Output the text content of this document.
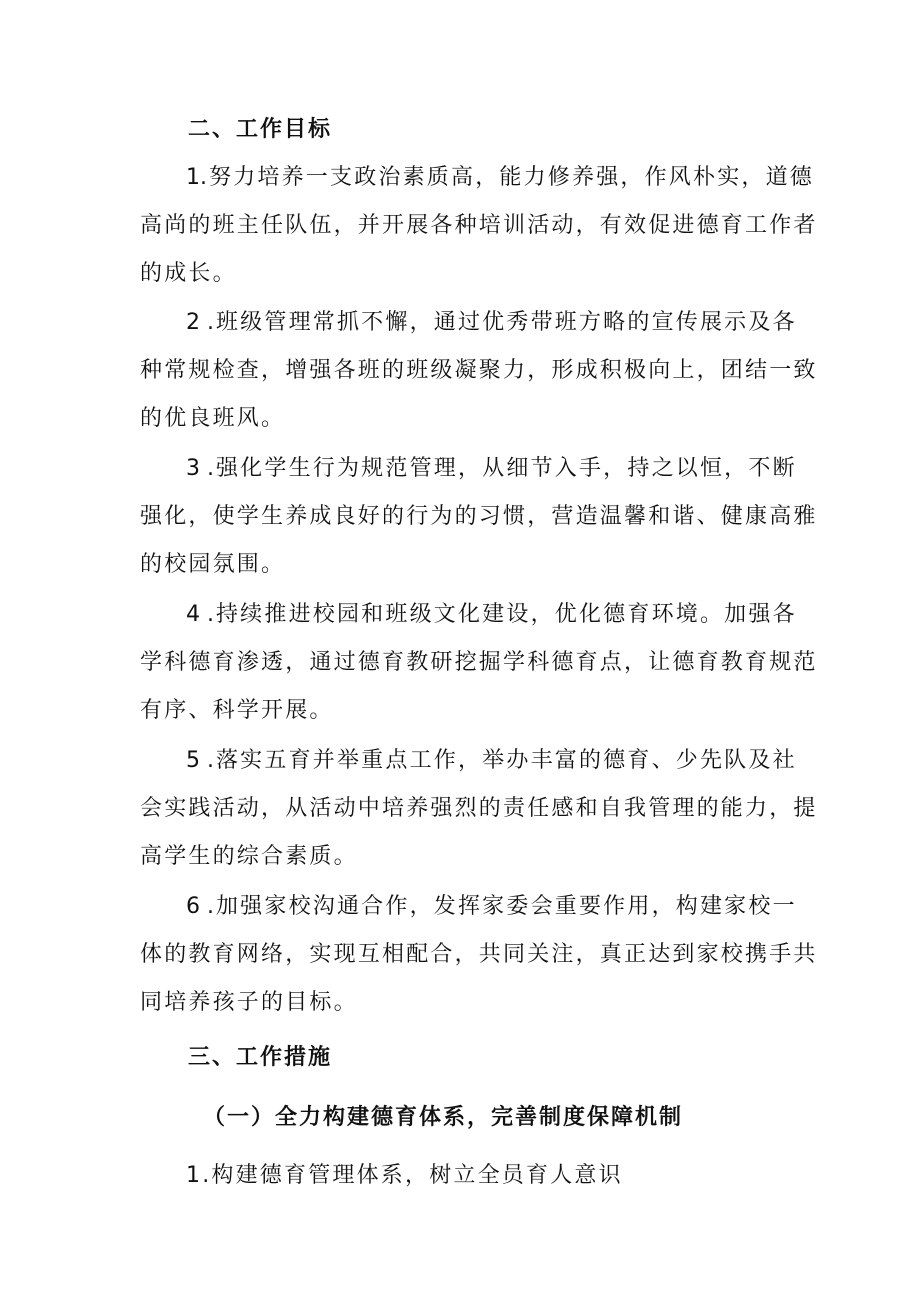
二、工作目标
1.努力培养一支政治素质高，能力修养强，作风朴实，道德
高尚的班主任队伍，并开展各种培训活动，有效促进德育工作者
的成长。
2 .班级管理常抓不懈，通过优秀带班方略的宣传展示及各
种常规检查，增强各班的班级凝聚力，形成积极向上，团结一致
的优良班风。
3 .强化学生行为规范管理，从细节入手，持之以恒，不断
强化，使学生养成良好的行为的习惯，营造温馨和谐、健康高雅
的校园氛围。
4 .持续推进校园和班级文化建设，优化德育环境。加强各
学科德育渗透，通过德育教研挖掘学科德育点，让德育教育规范
有序、科学开展。
5 .落实五育并举重点工作，举办丰富的德育、少先队及社
会实践活动，从活动中培养强烈的责任感和自我管理的能力，提
高学生的综合素质。
6 .加强家校沟通合作，发挥家委会重要作用，构建家校一
体的教育网络，实现互相配合，共同关注，真正达到家校携手共
同培养孩子的目标。
三、工作措施
（一）全力构建德育体系，完善制度保障机制
1.构建德育管理体系，树立全员育人意识
